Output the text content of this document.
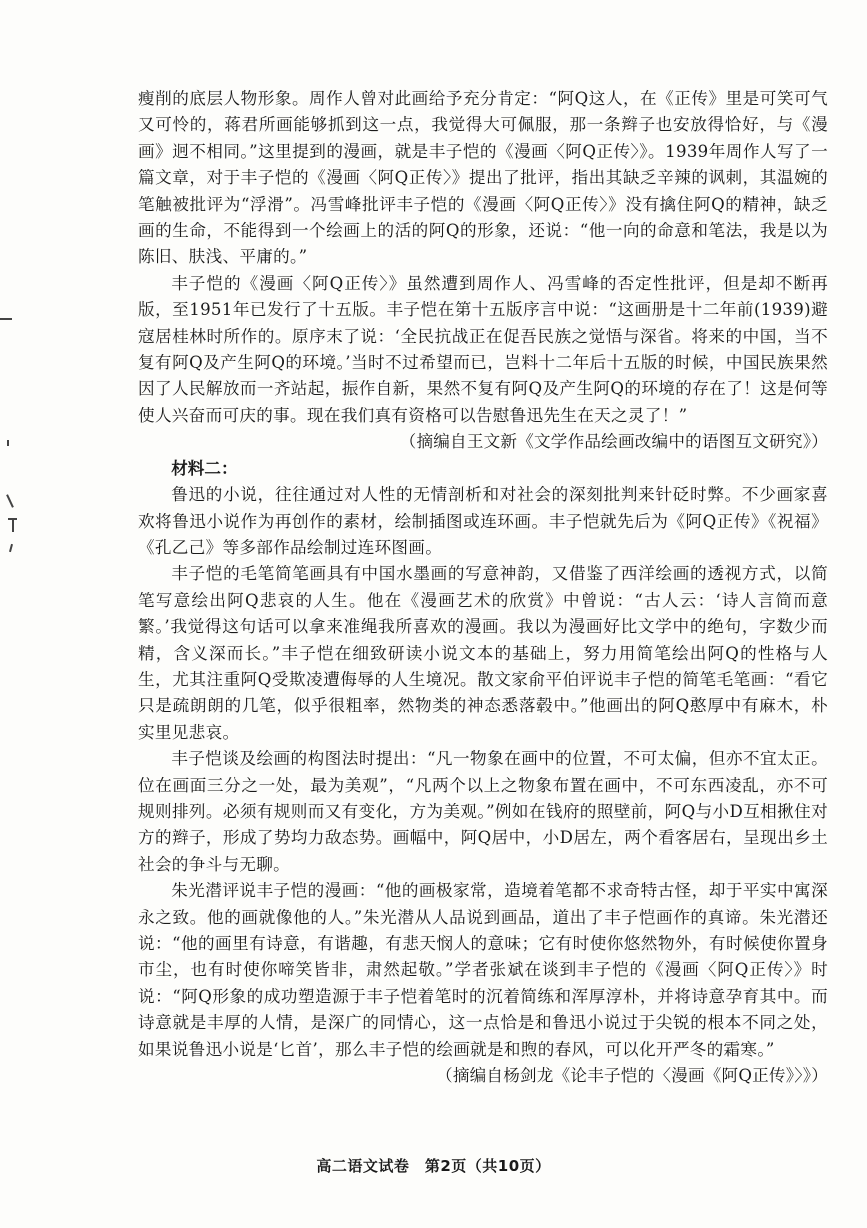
瘦削的底层人物形象。周作人曾对此画给予充分肯定：“阿Q这人，在《正传》里是可笑可气又可怜的，蒋君所画能够抓到这一点，我觉得大可佩服，那一条辫子也安放得恰好，与《漫画》迥不相同。”这里提到的漫画，就是丰子恺的《漫画〈阿Q正传〉》。1939年周作人写了一篇文章，对于丰子恺的《漫画〈阿Q正传〉》提出了批评，指出其缺乏辛辣的讽刺，其温婉的笔触被批评为“浮滑”。冯雪峰批评丰子恺的《漫画〈阿Q正传〉》没有擒住阿Q的精神，缺乏画的生命，不能得到一个绘画上的活的阿Q的形象，还说：“他一向的命意和笔法，我是以为陈旧、肤浅、平庸的。”

丰子恺的《漫画〈阿Q正传〉》虽然遭到周作人、冯雪峰的否定性批评，但是却不断再版，至1951年已发行了十五版。丰子恺在第十五版序言中说：“这画册是十二年前(1939)避寇居桂林时所作的。原序末了说：‘全民抗战正在促吾民族之觉悟与深省。将来的中国，当不复有阿Q及产生阿Q的环境。’当时不过希望而已，岂料十二年后十五版的时候，中国民族果然因了人民解放而一齐站起，振作自新，果然不复有阿Q及产生阿Q的环境的存在了！这是何等使人兴奋而可庆的事。现在我们真有资格可以告慰鲁迅先生在天之灵了！”

（摘编自王文新《文学作品绘画改编中的语图互文研究》）

材料二：

鲁迅的小说，往往通过对人性的无情剖析和对社会的深刻批判来针砭时弊。不少画家喜欢将鲁迅小说作为再创作的素材，绘制插图或连环画。丰子恺就先后为《阿Q正传》《祝福》《孔乙己》等多部作品绘制过连环图画。

丰子恺的毛笔简笔画具有中国水墨画的写意神韵，又借鉴了西洋绘画的透视方式，以简笔写意绘出阿Q悲哀的人生。他在《漫画艺术的欣赏》中曾说：“古人云：‘诗人言简而意繁。’我觉得这句话可以拿来准绳我所喜欢的漫画。我以为漫画好比文学中的绝句，字数少而精，含义深而长。”丰子恺在细致研读小说文本的基础上，努力用简笔绘出阿Q的性格与人生，尤其注重阿Q受欺凌遭侮辱的人生境况。散文家俞平伯评说丰子恺的简笔毛笔画：“看它只是疏朗朗的几笔，似乎很粗率，然物类的神态悉落毂中。”他画出的阿Q憨厚中有麻木，朴实里见悲哀。

丰子恺谈及绘画的构图法时提出：“凡一物象在画中的位置，不可太偏，但亦不宜太正。位在画面三分之一处，最为美观”，“凡两个以上之物象布置在画中，不可东西凌乱，亦不可规则排列。必须有规则而又有变化，方为美观。”例如在钱府的照壁前，阿Q与小D互相揪住对方的辫子，形成了势均力敌态势。画幅中，阿Q居中，小D居左，两个看客居右，呈现出乡土社会的争斗与无聊。

朱光潜评说丰子恺的漫画：“他的画极家常，造境着笔都不求奇特古怪，却于平实中寓深永之致。他的画就像他的人。”朱光潜从人品说到画品，道出了丰子恺画作的真谛。朱光潜还说：“他的画里有诗意，有谐趣，有悲天悯人的意味；它有时使你悠然物外，有时候使你置身市尘，也有时使你啼笑皆非，肃然起敬。”学者张斌在谈到丰子恺的《漫画〈阿Q正传〉》时说：“阿Q形象的成功塑造源于丰子恺着笔时的沉着简练和浑厚淳朴，并将诗意孕育其中。而诗意就是丰厚的人情，是深广的同情心，这一点恰是和鲁迅小说过于尖锐的根本不同之处，如果说鲁迅小说是‘匕首’，那么丰子恺的绘画就是和煦的春风，可以化开严冬的霜寒。”

（摘编自杨剑龙《论丰子恺的〈漫画《阿Q正传》〉》）

高二语文试卷　第2页（共10页）
